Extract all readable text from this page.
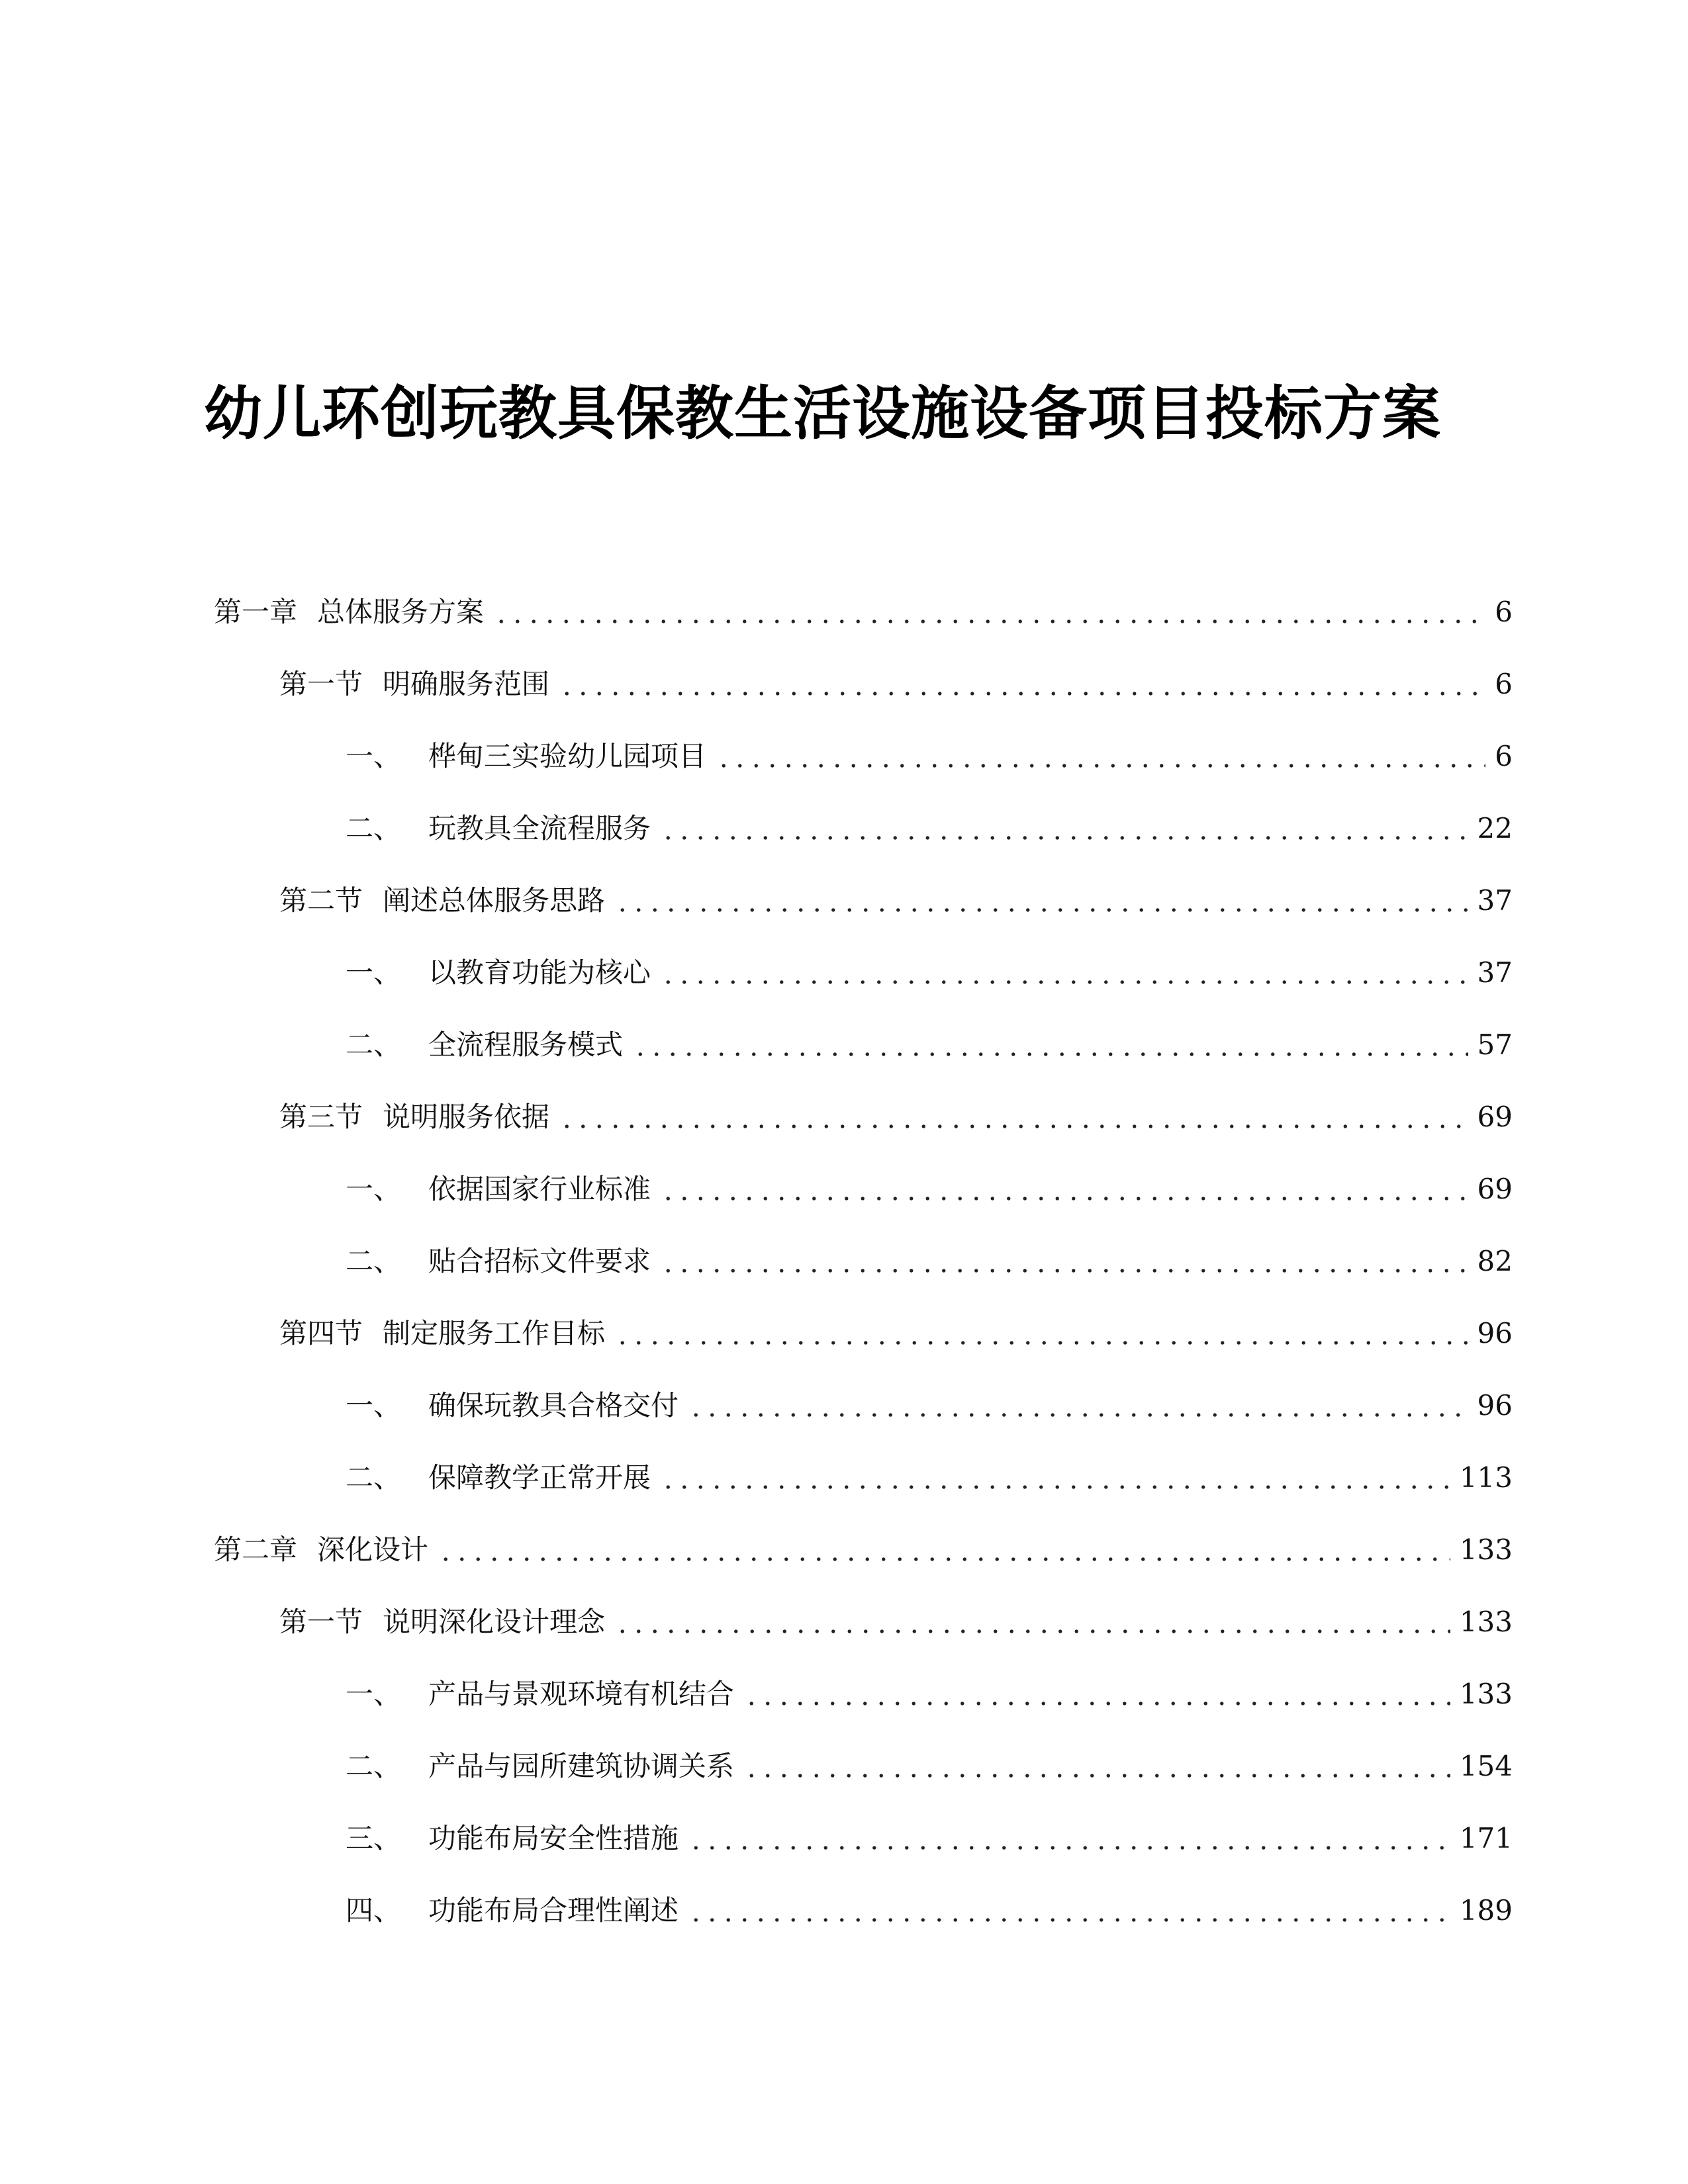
幼儿环创玩教具保教生活设施设备项目投标方案
第一章 总体服务方案	6
第一节 明确服务范围	6
一、 桦甸三实验幼儿园项目	6
二、 玩教具全流程服务	22
第二节 阐述总体服务思路	37
一、 以教育功能为核心	37
二、 全流程服务模式	57
第三节 说明服务依据	69
一、 依据国家行业标准	69
二、 贴合招标文件要求	82
第四节 制定服务工作目标	96
一、 确保玩教具合格交付	96
二、 保障教学正常开展	113
第二章 深化设计	133
第一节 说明深化设计理念	133
一、 产品与景观环境有机结合	133
二、 产品与园所建筑协调关系	154
三、 功能布局安全性措施	171
四、 功能布局合理性阐述	189
